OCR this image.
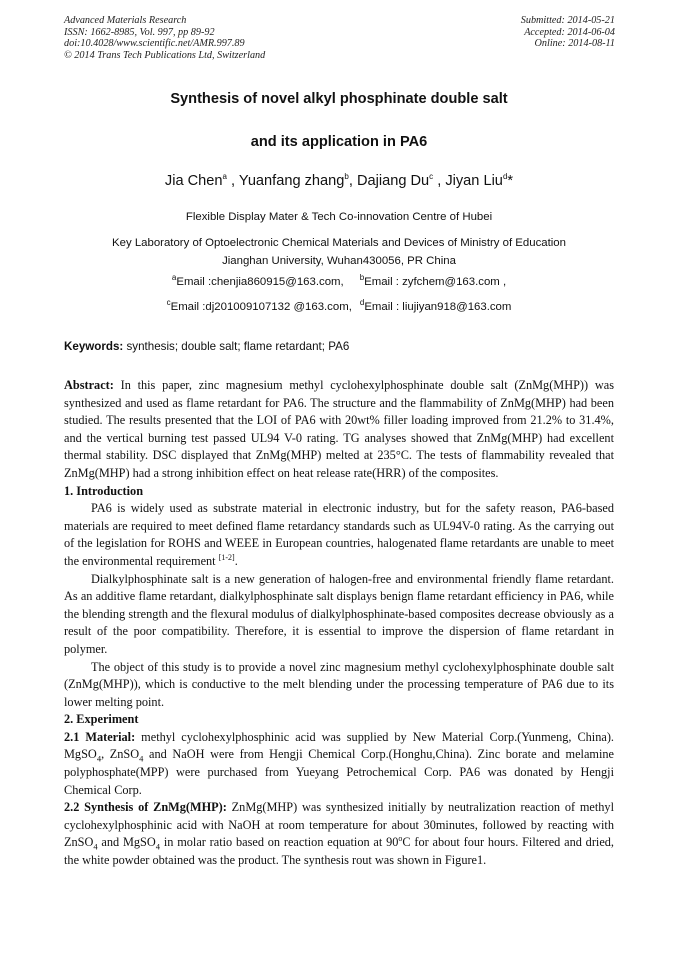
Advanced Materials Research
ISSN: 1662-8985, Vol. 997, pp 89-92
doi:10.4028/www.scientific.net/AMR.997.89
© 2014 Trans Tech Publications Ltd, Switzerland
Submitted: 2014-05-21
Accepted: 2014-06-04
Online: 2014-08-11
Synthesis of novel alkyl phosphinate double salt
and its application in PA6
Jia Chen$^a$ , Yuanfang zhang$^b$, Dajiang Du$^c$ , Jiyan Liu$^d$*
Flexible Display Mater & Tech Co-innovation Centre of Hubei
Key Laboratory of Optoelectronic Chemical Materials and Devices of Ministry of Education
Jianghan University, Wuhan430056, PR China
$^a$Email :chenjia860915@163.com, $^b$Email : zyfchem@163.com ,
$^c$Email :dj201009107132 @163.com, $^d$Email : liujiyan918@163.com
Keywords: synthesis; double salt; flame retardant; PA6

Abstract: In this paper, zinc magnesium methyl cyclohexylphosphinate double salt (ZnMg(MHP)) was synthesized and used as flame retardant for PA6. The structure and the flammability of ZnMg(MHP) had been studied. The results presented that the LOI of PA6 with 20wt% filler loading improved from 21.2% to 31.4%, and the vertical burning test passed UL94 V-0 rating. TG analyses showed that ZnMg(MHP) had excellent thermal stability. DSC displayed that ZnMg(MHP) melted at 235°C. The tests of flammability revealed that ZnMg(MHP) had a strong inhibition effect on heat release rate(HRR) of the composites.

1. Introduction

PA6 is widely used as substrate material in electronic industry, but for the safety reason, PA6-based materials are required to meet defined flame retardancy standards such as UL94V-0 rating. As the carrying out of the legislation for ROHS and WEEE in European countries, halogenated flame retardants are unable to meet the environmental requirement [1-2].

Dialkylphosphinate salt is a new generation of halogen-free and environmental friendly flame retardant. As an additive flame retardant, dialkylphosphinate salt displays benign flame retardant efficiency in PA6, while the blending strength and the flexural modulus of dialkylphosphinate-based composites decrease obviously as a result of the poor compatibility. Therefore, it is essential to improve the dispersion of flame retardant in polymer.

The object of this study is to provide a novel zinc magnesium methyl cyclohexylphosphinate double salt (ZnMg(MHP)), which is conductive to the melt blending under the processing temperature of PA6 due to its lower melting point.

2. Experiment

2.1 Material: methyl cyclohexylphosphinic acid was supplied by New Material Corp.(Yunmeng, China). MgSO$_4$, ZnSO$_4$ and NaOH were from Hengji Chemical Corp.(Honghu,China). Zinc borate and melamine polyphosphate(MPP) were purchased from Yueyang Petrochemical Corp. PA6 was donated by Hengji Chemical Corp.

2.2 Synthesis of ZnMg(MHP): ZnMg(MHP) was synthesized initially by neutralization reaction of methyl cyclohexylphosphinic acid with NaOH at room temperature for about 30minutes, followed by reacting with ZnSO$_4$ and MgSO$_4$ in molar ratio based on reaction equation at 90$^o$C for about four hours. Filtered and dried, the white powder obtained was the product. The synthesis rout was shown in Figure1.
